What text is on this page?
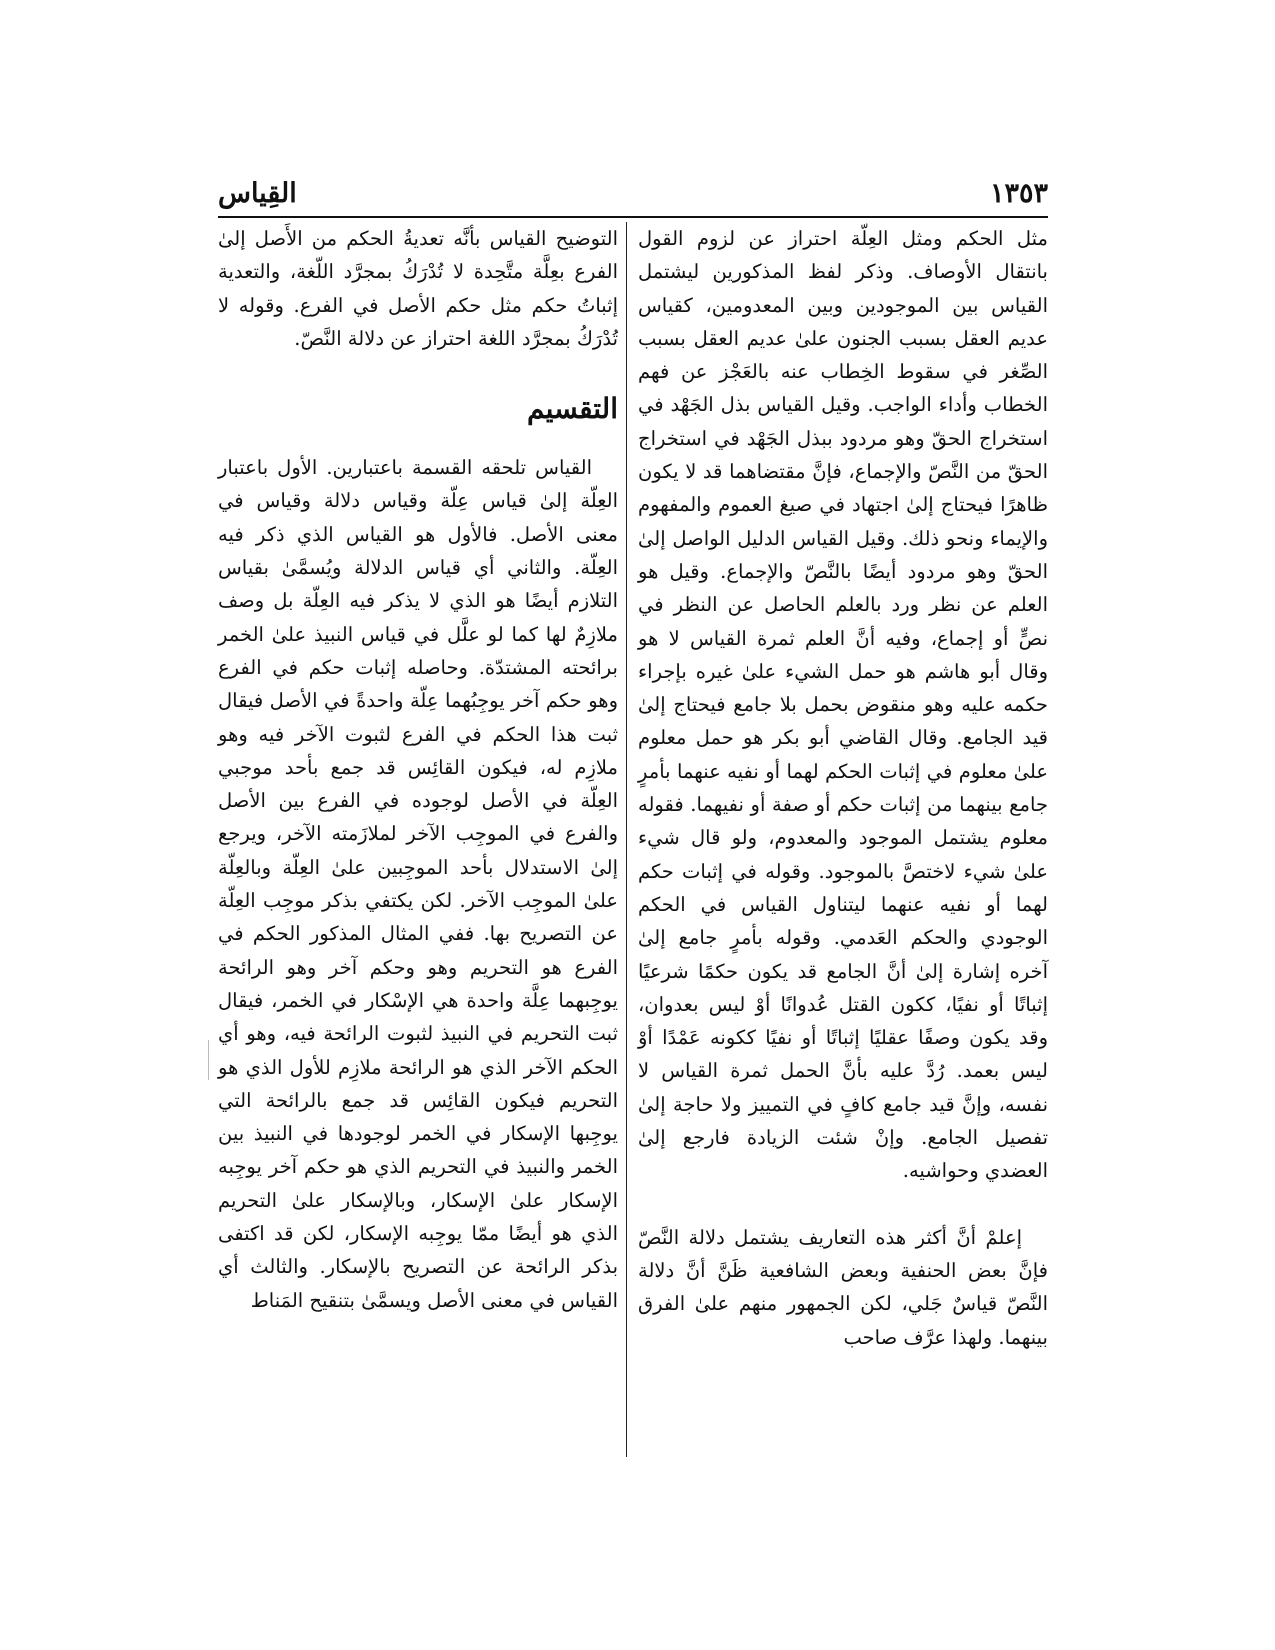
١٣٥٣
القِياس

مثل الحكم ومثل العِلّة احتراز عن لزوم القول بانتقال الأوصاف. وذكر لفظ المذكورين ليشتمل القياس بين الموجودين وبين المعدومين، كقياس عديم العقل بسبب الجنون علىٰ عديم العقل بسبب الصِّغر في سقوط الخِطاب عنه بالعَجْز عن فهم الخطاب وأداء الواجب. وقيل القياس بذل الجَهْد في استخراج الحقّ وهو مردود ببذل الجَهْد في استخراج الحقّ من النَّصّ والإجماع، فإنَّ مقتضاهما قد لا يكون ظاهرًا فيحتاج إلىٰ اجتهاد في صيغ العموم والمفهوم والإيماء ونحو ذلك. وقيل القياس الدليل الواصل إلىٰ الحقّ وهو مردود أيضًا بالنَّصّ والإجماع. وقيل هو العلم عن نظر ورد بالعلم الحاصل عن النظر في نصٍّ أو إجماع، وفيه أنَّ العلم ثمرة القياس لا هو وقال أبو هاشم هو حمل الشيء علىٰ غيره بإجراء حكمه عليه وهو منقوض بحمل بلا جامع فيحتاج إلىٰ قيد الجامع. وقال القاضي أبو بكر هو حمل معلوم علىٰ معلوم في إثبات الحكم لهما أو نفيه عنهما بأمرٍ جامع بينهما من إثبات حكم أو صفة أو نفيهما. فقوله معلوم يشتمل الموجود والمعدوم، ولو قال شيء علىٰ شيء لاختصَّ بالموجود. وقوله في إثبات حكم لهما أو نفيه عنهما ليتناول القياس في الحكم الوجودي والحكم العَدمي. وقوله بأمرٍ جامع إلىٰ آخره إشارة إلىٰ أنَّ الجامع قد يكون حكمًا شرعيًا إثباتًا أو نفيًا، ككون القتل عُدوانًا أوْ ليس بعدوان، وقد يكون وصفًا عقليًا إثباتًا أو نفيًا ككونه عَمْدًا أوْ ليس بعمد. رُدَّ عليه بأنَّ الحمل ثمرة القياس لا نفسه، وإنَّ قيد جامع كافٍ في التمييز ولا حاجة إلىٰ تفصيل الجامع. وإنْ شئت الزيادة فارجع إلىٰ العضدي وحواشيه.

إعلمْ أنَّ أكثر هذه التعاريف يشتمل دلالة النَّصّ فإنَّ بعض الحنفية وبعض الشافعية ظَنَّ أنَّ دلالة النَّصّ قياسٌ جَلي، لكن الجمهور منهم علىٰ الفرق بينهما. ولهذا عرَّف صاحب

التوضيح القياس بأنَّه تعديةُ الحكم من الأَصل إلىٰ الفرع بعِلَّة متَّحِدة لا تُدْرَكُ بمجرَّد اللّغة، والتعدية إثباتُ حكم مثل حكم الأصل في الفرع. وقوله لا تُدْرَكُ بمجرَّد اللغة احتراز عن دلالة النَّصّ.

التقسيم

القياس تلحقه القسمة باعتبارين. الأول باعتبار العِلّة إلىٰ قياس عِلّة وقياس دلالة وقياس في معنى الأصل. فالأول هو القياس الذي ذكر فيه العِلّة. والثاني أي قياس الدلالة ويُسمَّىٰ بقياس التلازم أيضًا هو الذي لا يذكر فيه العِلّة بل وصف ملازِمٌ لها كما لو علَّل في قياس النبيذ علىٰ الخمر برائحته المشتدّة. وحاصله إثبات حكم في الفرع وهو حكم آخر يوجِبُهما عِلّة واحدةً في الأصل فيقال ثبت هذا الحكم في الفرع لثبوت الآخر فيه وهو ملازِم له، فيكون القائِس قد جمع بأحد موجبي العِلّة في الأصل لوجوده في الفرع بين الأصل والفرع في الموجِب الآخر لملازَمته الآخر، ويرجع إلىٰ الاستدلال بأحد الموجِبين علىٰ العِلّة وبالعِلّة علىٰ الموجِب الآخر. لكن يكتفي بذكر موجِب العِلّة عن التصريح بها. ففي المثال المذكور الحكم في الفرع هو التحريم وهو وحكم آخر وهو الرائحة يوجِبهما عِلَّة واحدة هي الإسْكار في الخمر، فيقال ثبت التحريم في النبيذ لثبوت الرائحة فيه، وهو أي الحكم الآخر الذي هو الرائحة ملازِم للأول الذي هو التحريم فيكون القائِس قد جمع بالرائحة التي يوجِبها الإسكار في الخمر لوجودها في النبيذ بين الخمر والنبيذ في التحريم الذي هو حكم آخر يوجِبه الإسكار علىٰ الإسكار، وبالإسكار علىٰ التحريم الذي هو أيضًا ممّا يوجِبه الإسكار، لكن قد اكتفى بذكر الرائحة عن التصريح بالإسكار. والثالث أي القياس في معنى الأصل ويسمَّىٰ بتنقيح المَناط
